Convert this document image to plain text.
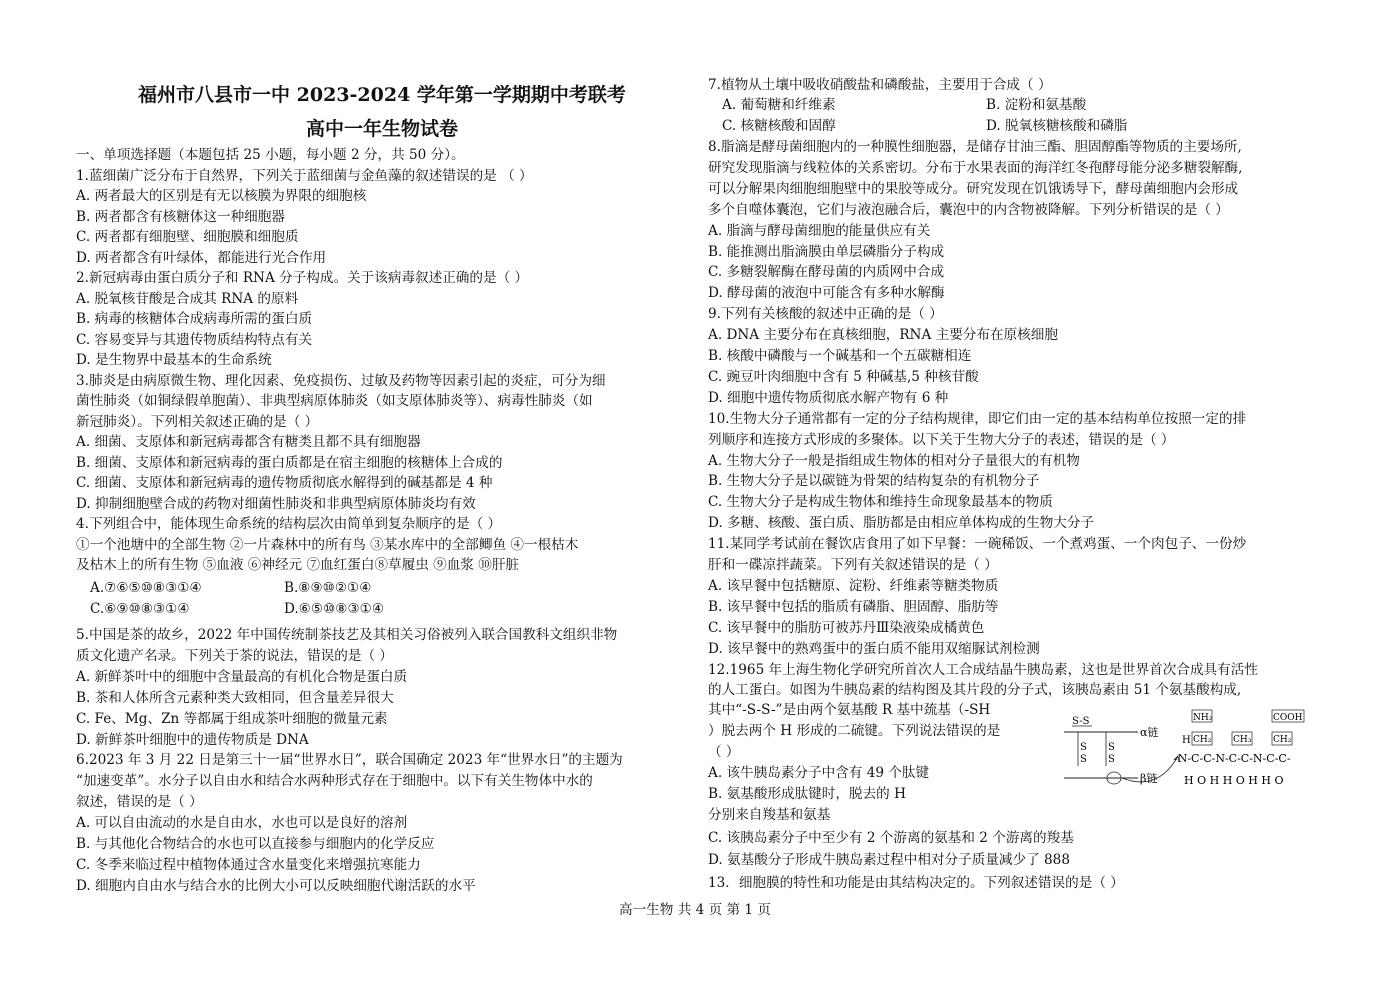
福州市八县市一中 2023-2024 学年第一学期期中考联考
高中一年生物试卷
一、单项选择题（本题包括 25 小题，每小题 2 分，共 50 分）。
1.蓝细菌广泛分布于自然界，下列关于蓝细菌与金鱼藻的叙述错误的是 （ ）
A. 两者最大的区别是有无以核膜为界限的细胞核
B. 两者都含有核糖体这一种细胞器
C. 两者都有细胞壁、细胞膜和细胞质
D. 两者都含有叶绿体，都能进行光合作用
2.新冠病毒由蛋白质分子和 RNA 分子构成。关于该病毒叙述正确的是（ ）
A. 脱氧核苷酸是合成其 RNA 的原料
B. 病毒的核糖体合成病毒所需的蛋白质
C. 容易变异与其遗传物质结构特点有关
D. 是生物界中最基本的生命系统
3.肺炎是由病原微生物、理化因素、免疫损伤、过敏及药物等因素引起的炎症，可分为细
菌性肺炎（如铜绿假单胞菌）、非典型病原体肺炎（如支原体肺炎等）、病毒性肺炎（如
新冠肺炎）。下列相关叙述正确的是（ ）
A. 细菌、支原体和新冠病毒都含有糖类且都不具有细胞器
B. 细菌、支原体和新冠病毒的蛋白质都是在宿主细胞的核糖体上合成的
C. 细菌、支原体和新冠病毒的遗传物质彻底水解得到的碱基都是 4 种
D. 抑制细胞壁合成的药物对细菌性肺炎和非典型病原体肺炎均有效
4.下列组合中，能体现生命系统的结构层次由简单到复杂顺序的是（ ）
①一个池塘中的全部生物 ②一片森林中的所有鸟 ③某水库中的全部鲫鱼 ④一根枯木
及枯木上的所有生物 ⑤血液 ⑥神经元 ⑦血红蛋白⑧草履虫 ⑨血浆 ⑩肝脏
A.⑦⑥⑤⑩⑧③①④	B.⑧⑨⑩②①④
C.⑥⑨⑩⑧③①④	D.⑥⑤⑩⑧③①④
5.中国是茶的故乡，2022 年中国传统制茶技艺及其相关习俗被列入联合国教科文组织非物
质文化遗产名录。下列关于茶的说法，错误的是（ ）
A. 新鲜茶叶中的细胞中含量最高的有机化合物是蛋白质
B. 茶和人体所含元素种类大致相同，但含量差异很大
C. Fe、Mg、Zn 等都属于组成茶叶细胞的微量元素
D. 新鲜茶叶细胞中的遗传物质是 DNA
6.2023 年 3 月 22 日是第三十一届“世界水日”，联合国确定 2023 年“世界水日”的主题为
“加速变革”。水分子以自由水和结合水两种形式存在于细胞中。以下有关生物体中水的
叙述，错误的是（ ）
A. 可以自由流动的水是自由水，水也可以是良好的溶剂
B. 与其他化合物结合的水也可以直接参与细胞内的化学反应
C. 冬季来临过程中植物体通过含水量变化来增强抗寒能力
D. 细胞内自由水与结合水的比例大小可以反映细胞代谢活跃的水平
7.植物从土壤中吸收硝酸盐和磷酸盐，主要用于合成（ ）
A. 葡萄糖和纤维素	B. 淀粉和氨基酸
C. 核糖核酸和固醇	D. 脱氧核糖核酸和磷脂
8.脂滴是酵母菌细胞内的一种膜性细胞器，是储存甘油三酯、胆固醇酯等物质的主要场所,
研究发现脂滴与线粒体的关系密切。分布于水果表面的海洋红冬孢酵母能分泌多糖裂解酶,
可以分解果肉细胞细胞壁中的果胶等成分。研究发现在饥饿诱导下，酵母菌细胞内会形成
多个自噬体囊泡，它们与液泡融合后，囊泡中的内含物被降解。下列分析错误的是（ ）
A. 脂滴与酵母菌细胞的能量供应有关
B. 能推测出脂滴膜由单层磷脂分子构成
C. 多糖裂解酶在酵母菌的内质网中合成
D. 酵母菌的液泡中可能含有多种水解酶
9.下列有关核酸的叙述中正确的是（ ）
A. DNA 主要分布在真核细胞，RNA 主要分布在原核细胞
B. 核酸中磷酸与一个碱基和一个五碳糖相连
C. 豌豆叶肉细胞中含有 5 种碱基,5 种核苷酸
D. 细胞中遗传物质彻底水解产物有 6 种
10.生物大分子通常都有一定的分子结构规律，即它们由一定的基本结构单位按照一定的排
列顺序和连接方式形成的多聚体。以下关于生物大分子的表述，错误的是（ ）
A. 生物大分子一般是指组成生物体的相对分子量很大的有机物
B. 生物大分子是以碳链为骨架的结构复杂的有机物分子
C. 生物大分子是构成生物体和维持生命现象最基本的物质
D. 多糖、核酸、蛋白质、脂肪都是由相应单体构成的生物大分子
11.某同学考试前在餐饮店食用了如下早餐：一碗稀饭、一个煮鸡蛋、一个肉包子、一份炒
肝和一碟凉拌蔬菜。下列有关叙述错误的是（ ）
A. 该早餐中包括糖原、淀粉、纤维素等糖类物质
B. 该早餐中包括的脂质有磷脂、胆固醇、脂肪等
C. 该早餐中的脂肪可被苏丹Ⅲ染液染成橘黄色
D. 该早餐中的熟鸡蛋中的蛋白质不能用双缩脲试剂检测
12.1965 年上海生物化学研究所首次人工合成结晶牛胰岛素，这也是世界首次合成具有活性
的人工蛋白。如图为牛胰岛素的结构图及其片段的分子式，该胰岛素由 51 个氨基酸构成,
其中“-S-S-”是由两个氨基酸 R 基中巯基（-SH
）脱去两个 H 形成的二硫键。下列说法错误的是
（ ）
A. 该牛胰岛素分子中含有 49 个肽键
B. 氨基酸形成肽键时，脱去的 H
α链
S-S
S
S
S
S
β链
NH₂
H CH₂ CH₃
COOH
CH₂
-N-C-C-N-C-C-N-C-C-
H O H H O H H O
分别来自羧基和氨基
C. 该胰岛素分子中至少有 2 个游离的氨基和 2 个游离的羧基
D. 氨基酸分子形成牛胰岛素过程中相对分子质量减少了 888
13．细胞膜的特性和功能是由其结构决定的。下列叙述错误的是（ ）
高一生物 共 4 页 第 1 页
